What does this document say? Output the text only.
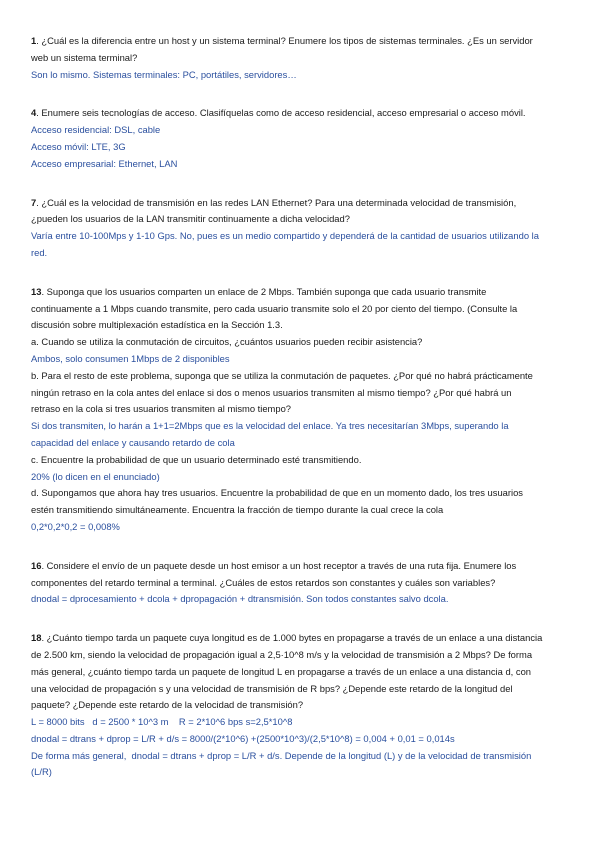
1. ¿Cuál es la diferencia entre un host y un sistema terminal? Enumere los tipos de sistemas terminales. ¿Es un servidor

web un sistema terminal?

Son lo mismo. Sistemas terminales: PC, portátiles, servidores…

4. Enumere seis tecnologías de acceso. Clasifíquelas como de acceso residencial, acceso empresarial o acceso móvil.

Acceso residencial: DSL, cable

Acceso móvil: LTE, 3G

Acceso empresarial: Ethernet, LAN

7. ¿Cuál es la velocidad de transmisión en las redes LAN Ethernet? Para una determinada velocidad de transmisión,

¿pueden los usuarios de la LAN transmitir continuamente a dicha velocidad?

Varía entre 10-100Mps y 1-10 Gps. No, pues es un medio compartido y dependerá de la cantidad de usuarios utilizando la

red.

13. Suponga que los usuarios comparten un enlace de 2 Mbps. También suponga que cada usuario transmite

continuamente a 1 Mbps cuando transmite, pero cada usuario transmite solo el 20 por ciento del tiempo. (Consulte la

discusión sobre multiplexación estadística en la Sección 1.3.

a. Cuando se utiliza la conmutación de circuitos, ¿cuántos usuarios pueden recibir asistencia?

Ambos, solo consumen 1Mbps de 2 disponibles

b. Para el resto de este problema, suponga que se utiliza la conmutación de paquetes. ¿Por qué no habrá prácticamente

ningún retraso en la cola antes del enlace si dos o menos usuarios transmiten al mismo tiempo? ¿Por qué habrá un

retraso en la cola si tres usuarios transmiten al mismo tiempo?

Si dos transmiten, lo harán a 1+1=2Mbps que es la velocidad del enlace. Ya tres necesitarían 3Mbps, superando la

capacidad del enlace y causando retardo de cola

c. Encuentre la probabilidad de que un usuario determinado esté transmitiendo.

20% (lo dicen en el enunciado)

d. Supongamos que ahora hay tres usuarios. Encuentre la probabilidad de que en un momento dado, los tres usuarios

estén transmitiendo simultáneamente. Encuentra la fracción de tiempo durante la cual crece la cola

0,2*0,2*0,2 = 0,008%

16. Considere el envío de un paquete desde un host emisor a un host receptor a través de una ruta fija. Enumere los

componentes del retardo terminal a terminal. ¿Cuáles de estos retardos son constantes y cuáles son variables?

dnodal = dprocesamiento + dcola + dpropagación + dtransmisión. Son todos constantes salvo dcola.

18. ¿Cuánto tiempo tarda un paquete cuya longitud es de 1.000 bytes en propagarse a través de un enlace a una distancia

de 2.500 km, siendo la velocidad de propagación igual a 2,5·10^8 m/s y la velocidad de transmisión a 2 Mbps? De forma

más general, ¿cuánto tiempo tarda un paquete de longitud L en propagarse a través de un enlace a una distancia d, con

una velocidad de propagación s y una velocidad de transmisión de R bps? ¿Depende este retardo de la longitud del

paquete? ¿Depende este retardo de la velocidad de transmisión?

L = 8000 bits   d = 2500 * 10^3 m    R = 2*10^6 bps s=2,5*10^8

dnodal = dtrans + dprop = L/R + d/s = 8000/(2*10^6) +(2500*10^3)/(2,5*10^8) = 0,004 + 0,01 = 0,014s

De forma más general,  dnodal = dtrans + dprop = L/R + d/s. Depende de la longitud (L) y de la velocidad de transmisión

(L/R)
